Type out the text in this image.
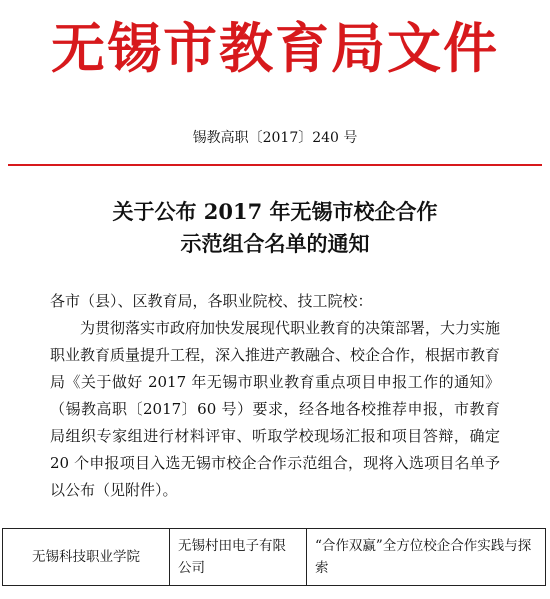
无锡市教育局文件
锡教高职〔2017〕240 号
关于公布 2017 年无锡市校企合作
示范组合名单的通知

各市（县）、区教育局，各职业院校、技工院校：

为贯彻落实市政府加快发展现代职业教育的决策部署，大力实施职业教育质量提升工程，深入推进产教融合、校企合作，根据市教育局《关于做好 2017 年无锡市职业教育重点项目申报工作的通知》（锡教高职〔2017〕60 号）要求，经各地各校推荐申报，市教育局组织专家组进行材料评审、听取学校现场汇报和项目答辩，确定 20 个申报项目入选无锡市校企合作示范组合，现将入选项目名单予以公布（见附件）。

无锡科技职业学院	无锡村田电子有限公司	“合作双赢”全方位校企合作实践与探索
